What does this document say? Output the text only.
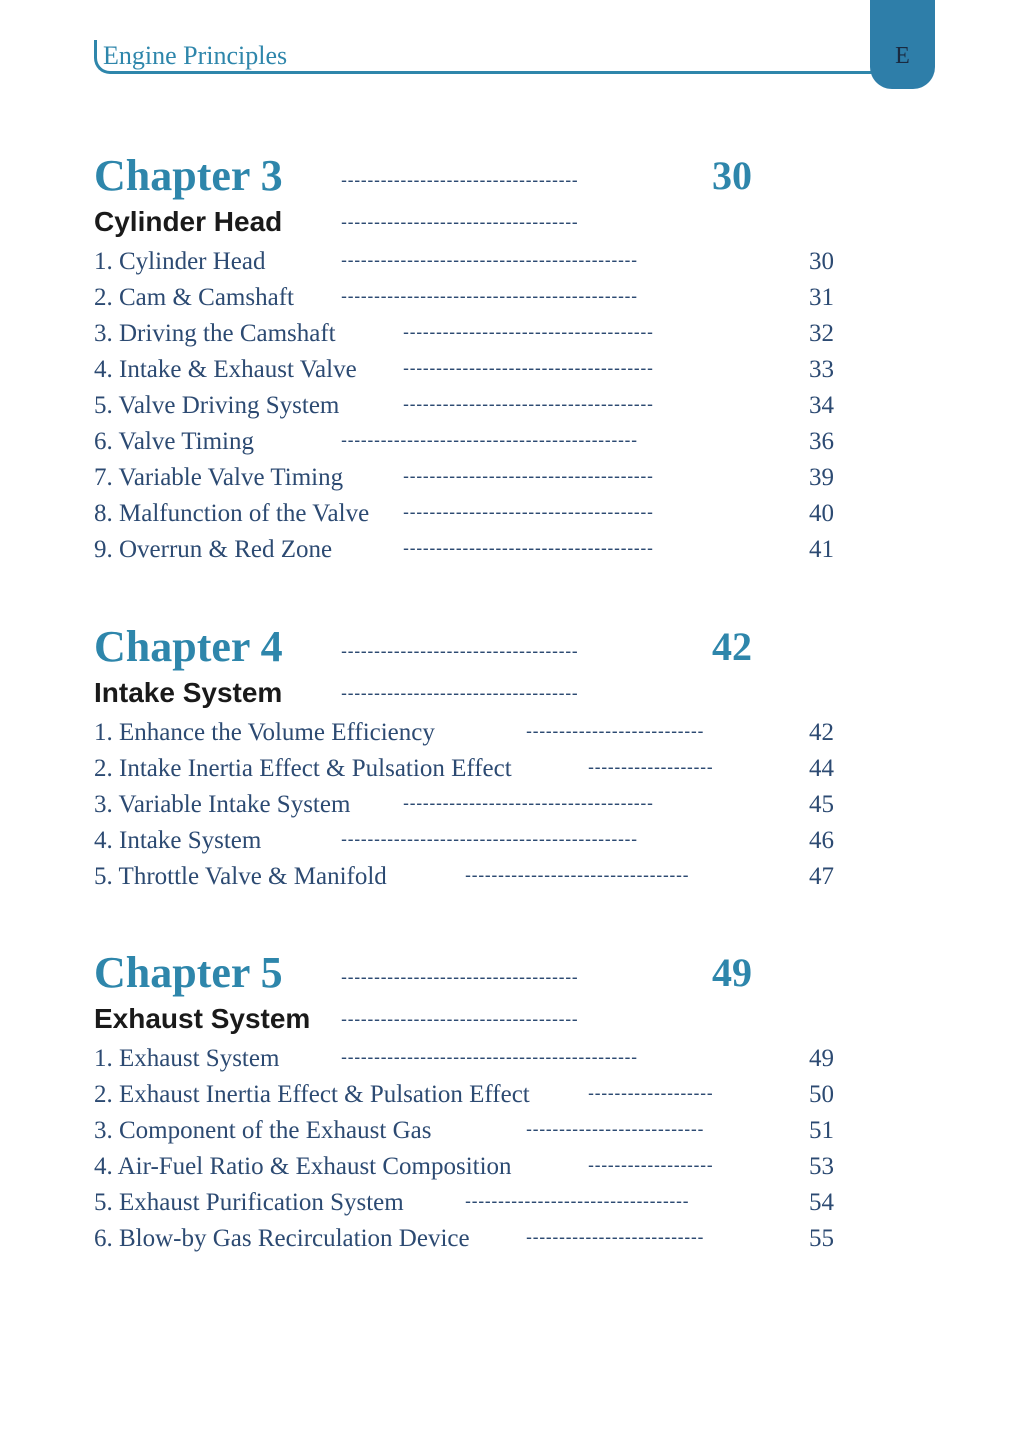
Engine Principles	E
Chapter 3	------------------------------------	30
Cylinder Head	------------------------------------
1. Cylinder Head	---------------------------------------------	30
2. Cam & Camshaft	---------------------------------------------	31
3. Driving the Camshaft	--------------------------------------	32
4. Intake & Exhaust Valve	--------------------------------------	33
5. Valve Driving System	--------------------------------------	34
6. Valve Timing	---------------------------------------------	36
7. Variable Valve Timing	--------------------------------------	39
8. Malfunction of the Valve --------------------------------------	40
9. Overrun & Red Zone	--------------------------------------	41
Chapter 4	------------------------------------	42
Intake System	------------------------------------
1. Enhance the Volume Efficiency	---------------------------	42
2. Intake Inertia Effect & Pulsation Effect	-------------------	44
3. Variable Intake System	--------------------------------------	45
4. Intake System	---------------------------------------------	46
5. Throttle Valve & Manifold	----------------------------------	47
Chapter 5	------------------------------------	49
Exhaust System ------------------------------------
1. Exhaust System	---------------------------------------------	49
2. Exhaust Inertia Effect & Pulsation Effect	-------------------	50
3. Component of the Exhaust Gas	---------------------------	51
4. Air-Fuel Ratio & Exhaust Composition	-------------------	53
5. Exhaust Purification System	----------------------------------	54
6. Blow-by Gas Recirculation Device	---------------------------	55
